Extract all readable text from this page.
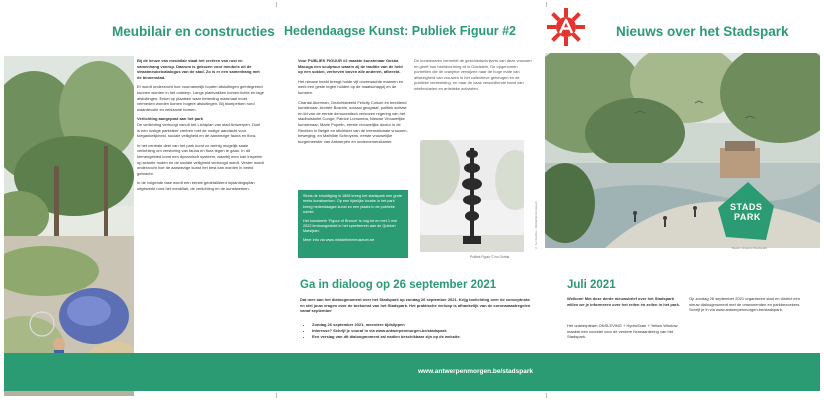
Meubilair en constructies

Bij de keuze van meubilair staat het creëren van rust en samenhang voorop. Daarom is gekozen voor meubels uit de straatmeubelcatalogus van de stad. Zo is er een samenhang met de binnenstad.

Er wordt onderzocht hoe voornamelijk houten afsluitingen geïntegreerd kunnen worden in het ontwerp. Langs plantvakken komen lichte en lage afsluitingen. Enkel op plaatsen waar betreding maximaal moet vermeden worden komen hogere afsluitingen. Bij bloeiperken rond waardevolle en zeldzame bomen.

Verlichting aangepast aan het park

De verlichting verhoogt vanuit het Lichtplan van stad Antwerpen. Doel is een rustige parksfeer creëren met de nodige aandacht voor toegankelijkheid, sociale veiligheid en de aanwezige fauna en flora.

In het centrale deel van het park komt zo weinig mogelijk saaie verlichting om verstoring van fauna en flora tegen te gaan. In dit kernengebied komt een dynamisch systeem, waarbij men kan inspelen op actuele noden en de sociale veiligheid verhoogd wordt. Verder wordt onderzocht hoe de aanwezige kunst het best kan worden in beeld gebracht.

In de volgende fase wordt een eerste gedetailleerd inplantingsplan uitgewerkt rond het meubilair, de verlichting en de kunstwerken.

Hedendaagse Kunst: Publiek Figuur #2

Voor PUBLIEK FIGUUR #2 maakte kunstenaar Gosha Macuga een sculptuur waarin zij de traditie van de held op een sokkel, verheven boven alle anderen, afbreekt.

Het nieuwe beeld brengt hulde vijf onverwachte mannen en werk een geste tegen holden op de maatschappij en de kunsten.

Chantal Akerman, Gezichtsbeeld Felicity Colson en beeldend kunstenaar, Andrée Bosmin, sociaal geograaf, politiek activist en lid van de eerste democratisch verkozen regering van het stadhuistoilet Congo; Patrice Lumumba, Nieuwe Vrouwelijke kunstenaar; Marie Popelin, eerste vrouwelijke doctor in de Rechten in België en stichtster van de internationale vrouwen-beweging; en Mathilde Schroyens, eerste vrouwelijke burgemeester van Antwerpen en ondernemerskamer.

Sinds de inhuldiging in 1858 kreeg het stadspark een grote reeks kunstwerken. Op een tijdelijke locatie in het park kreeg hedendaagse kunst zo een plaats in de publieke ruimte.

Het kunstwerk ‘Figuur of Bronze’ is nog tot en met 1 mei 2022 tentoongesteld in het speelterrein aan de Quinten Matsijslei.

Meer info via www.middelheimmuseum.be

De kunstenares vermeldt de geschiedschrijvers van deze vrouwen en geeft hun beeldvorming af in Goldstein. De opgenomen portretten die de oranjeke verwijzen naar de hoge mate van afwezigheid van vrouwen in het collectieve geheugen en de publieke verbeelding, en naar de vaak verschillende band van intellectuelen en artistieke activisten.
Publiek Figuur © Ivo Gorbia
© Ivo Gorbia – Middelheimmuseum
Nieuws over het Stadspark
STADS
PARK
Beeld: Ontwerp Stadspark
Ga in dialoog op 26 september 2021
Dat mee aan het dialoogmoment over het Stadspark op zondag 26 september 2021. Krijg toelichting over de conceptnota en stel jouw vragen over de toekomst van het Stadspark. Het praktische verloop is afhankelijk van de coronamaatregelen vanaf september
• Zondag 26 september 2021, meerdere tijdslippen
• Interesse? Schrijf je vooraf in via www.antwerpenmorgen.be/stadspark
• Een verslag van dit dialoogmoment zal nadien beschikbaar zijn op de website.
Juli 2021
Welkom! Met deze derde nieuwsbrief over het Stadspark willen we je informeren over het reilen en zeilen in het park.
Het ontwerpteam ONSLEVING + HydroScan + Yellow Window maakte een voorstel voor de verdere herwaardering van het Stadspark.
Op zondag 26 september 2021 organiseert stad en district een nieuw dialoogmoment met de omwonenden en parkbezoekers. Schrijf je in via www.antwerpenmorgen.be/stadspark.
www.antwerpenmorgen.be/stadspark
